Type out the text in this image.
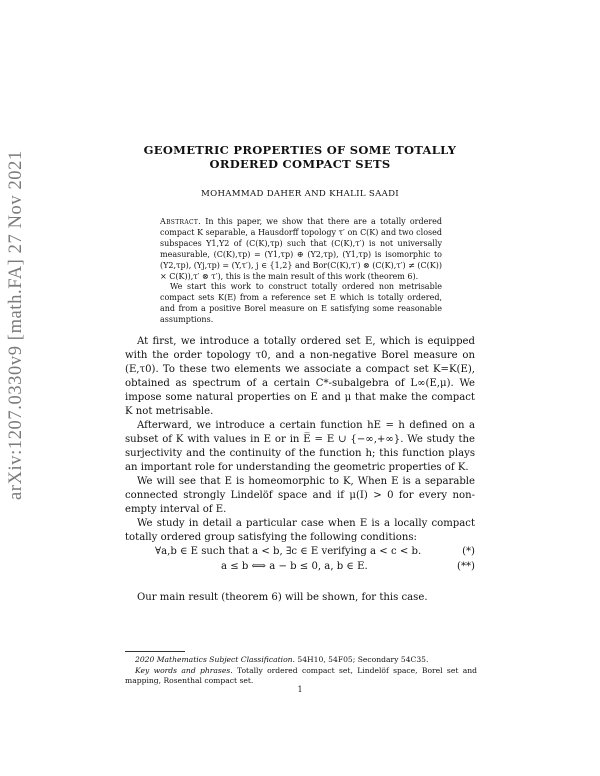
arXiv:1207.0330v9 [math.FA] 27 Nov 2021	GEOMETRIC PROPERTIES OF SOME TOTALLY
ORDERED COMPACT SETS
MOHAMMAD DAHER AND KHALIL SAADI

Abstract. In this paper, we show that there are a totally ordered compact K separable, a Hausdorff topology τ′ on C(K) and two closed subspaces Y1,Y2 of (C(K),τp) such that (C(K),τ′) is not universally measurable, (C(K),τp) = (Y1,τp) ⊕ (Y2,τp), (Y1,τp) is isomorphic to (Y2,τp), (Yj,τp) = (Y,τ′), j ∈ {1,2} and Bor(C(K),τ′) ⊗ (C(K),τ′) ≠ (C(K)) × C(K)),τ′ ⊗ τ′), this is the main result of this work (theorem 6).

We start this work to construct totally ordered non metrisable compact sets K(E) from a reference set E which is totally ordered, and from a positive Borel measure on E satisfying some reasonable assumptions.

At first, we introduce a totally ordered set E, which is equipped with the order topology τ0, and a non-negative Borel measure on (E,τ0). To these two elements we associate a compact set K=K(E), obtained as spectrum of a certain C*-subalgebra of L∞(E,μ). We impose some natural properties on E and μ that make the compact K not metrisable.

Afterward, we introduce a certain function hE = h defined on a subset of K with values in E or in E̅ = E ∪ {−∞,+∞}. We study the surjectivity and the continuity of the function h; this function plays an important role for understanding the geometric properties of K.

We will see that E is homeomorphic to K, When E is a separable connected strongly Lindelöf space and if μ(I) > 0 for every non-empty interval of E.

We study in detail a particular case when E is a locally compact totally ordered group satisfying the following conditions:

∀a,b ∈ E such that a < b, ∃c ∈ E verifying a < c < b.	(*)
a ≤ b ⟺ a − b ≤ 0, a, b ∈ E.	(**)

Our main result (theorem 6) will be shown, for this case.

2020 Mathematics Subject Classification. 54H10, 54F05; Secondary 54C35.

Key words and phrases. Totally ordered compact set, Lindelöf space, Borel set and mapping, Rosenthal compact set.

1
